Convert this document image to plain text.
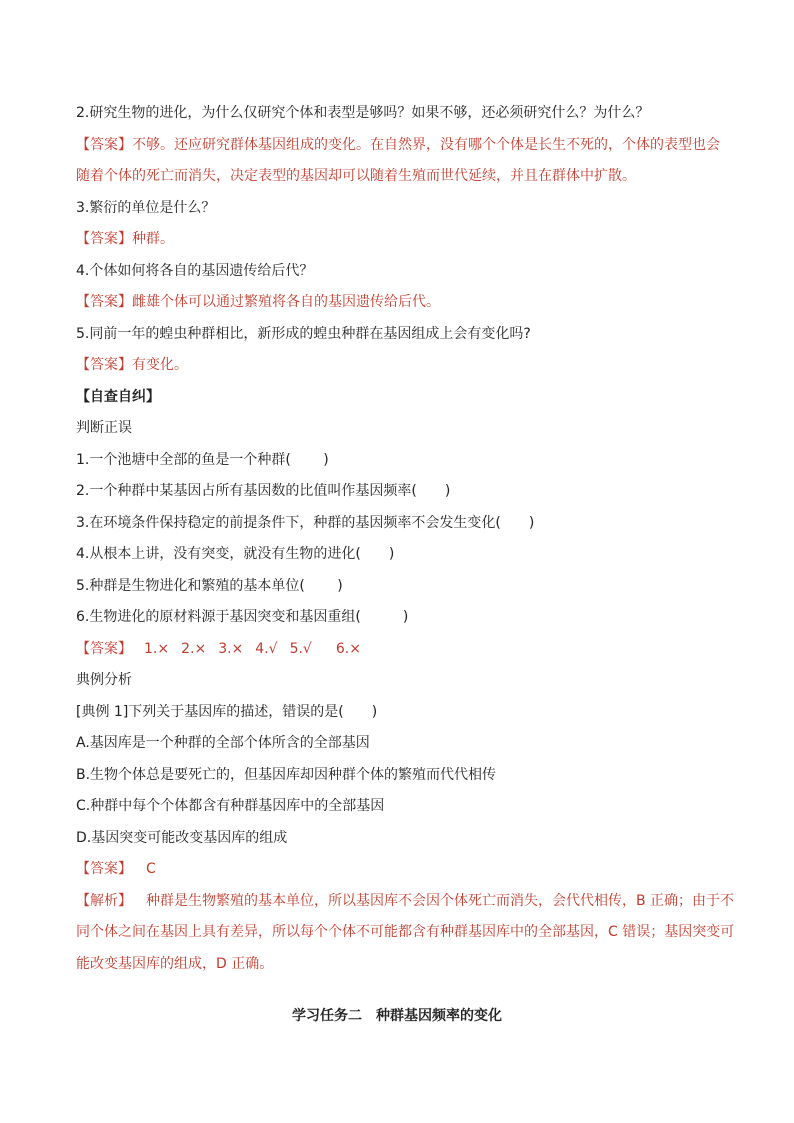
2.研究生物的进化，为什么仅研究个体和表型是够吗？如果不够，还必须研究什么？为什么？
【答案】不够。还应研究群体基因组成的变化。在自然界，没有哪个个体是长生不死的，个体的表型也会
随着个体的死亡而消失，决定表型的基因却可以随着生殖而世代延续，并且在群体中扩散。
3.繁衍的单位是什么？
【答案】种群。
4.个体如何将各自的基因遗传给后代？
【答案】雌雄个体可以通过繁殖将各自的基因遗传给后代。
5.同前一年的蝗虫种群相比，新形成的蝗虫种群在基因组成上会有变化吗?
【答案】有变化。
【自查自纠】
判断正误
1.一个池塘中全部的鱼是一个种群(　　 )
2.一个种群中某基因占所有基因数的比值叫作基因频率(　　)
3.在环境条件保持稳定的前提条件下，种群的基因频率不会发生变化(　　)
4.从根本上讲，没有突变，就没有生物的进化(　　)
5.种群是生物进化和繁殖的基本单位(　　 )
6.生物进化的原材料源于基因突变和基因重组(　　　)
【答案】 1.× 2.× 3.× 4.√ 5.√ 6.×
典例分析
[典例 1]下列关于基因库的描述，错误的是(　　)
A.基因库是一个种群的全部个体所含的全部基因
B.生物个体总是要死亡的，但基因库却因种群个体的繁殖而代代相传
C.种群中每个个体都含有种群基因库中的全部基因
D.基因突变可能改变基因库的组成
【答案】 C
【解析】 种群是生物繁殖的基本单位，所以基因库不会因个体死亡而消失，会代代相传，B 正确；由于不
同个体之间在基因上具有差异，所以每个个体不可能都含有种群基因库中的全部基因，C 错误；基因突变可
能改变基因库的组成，D 正确。
学习任务二　种群基因频率的变化
